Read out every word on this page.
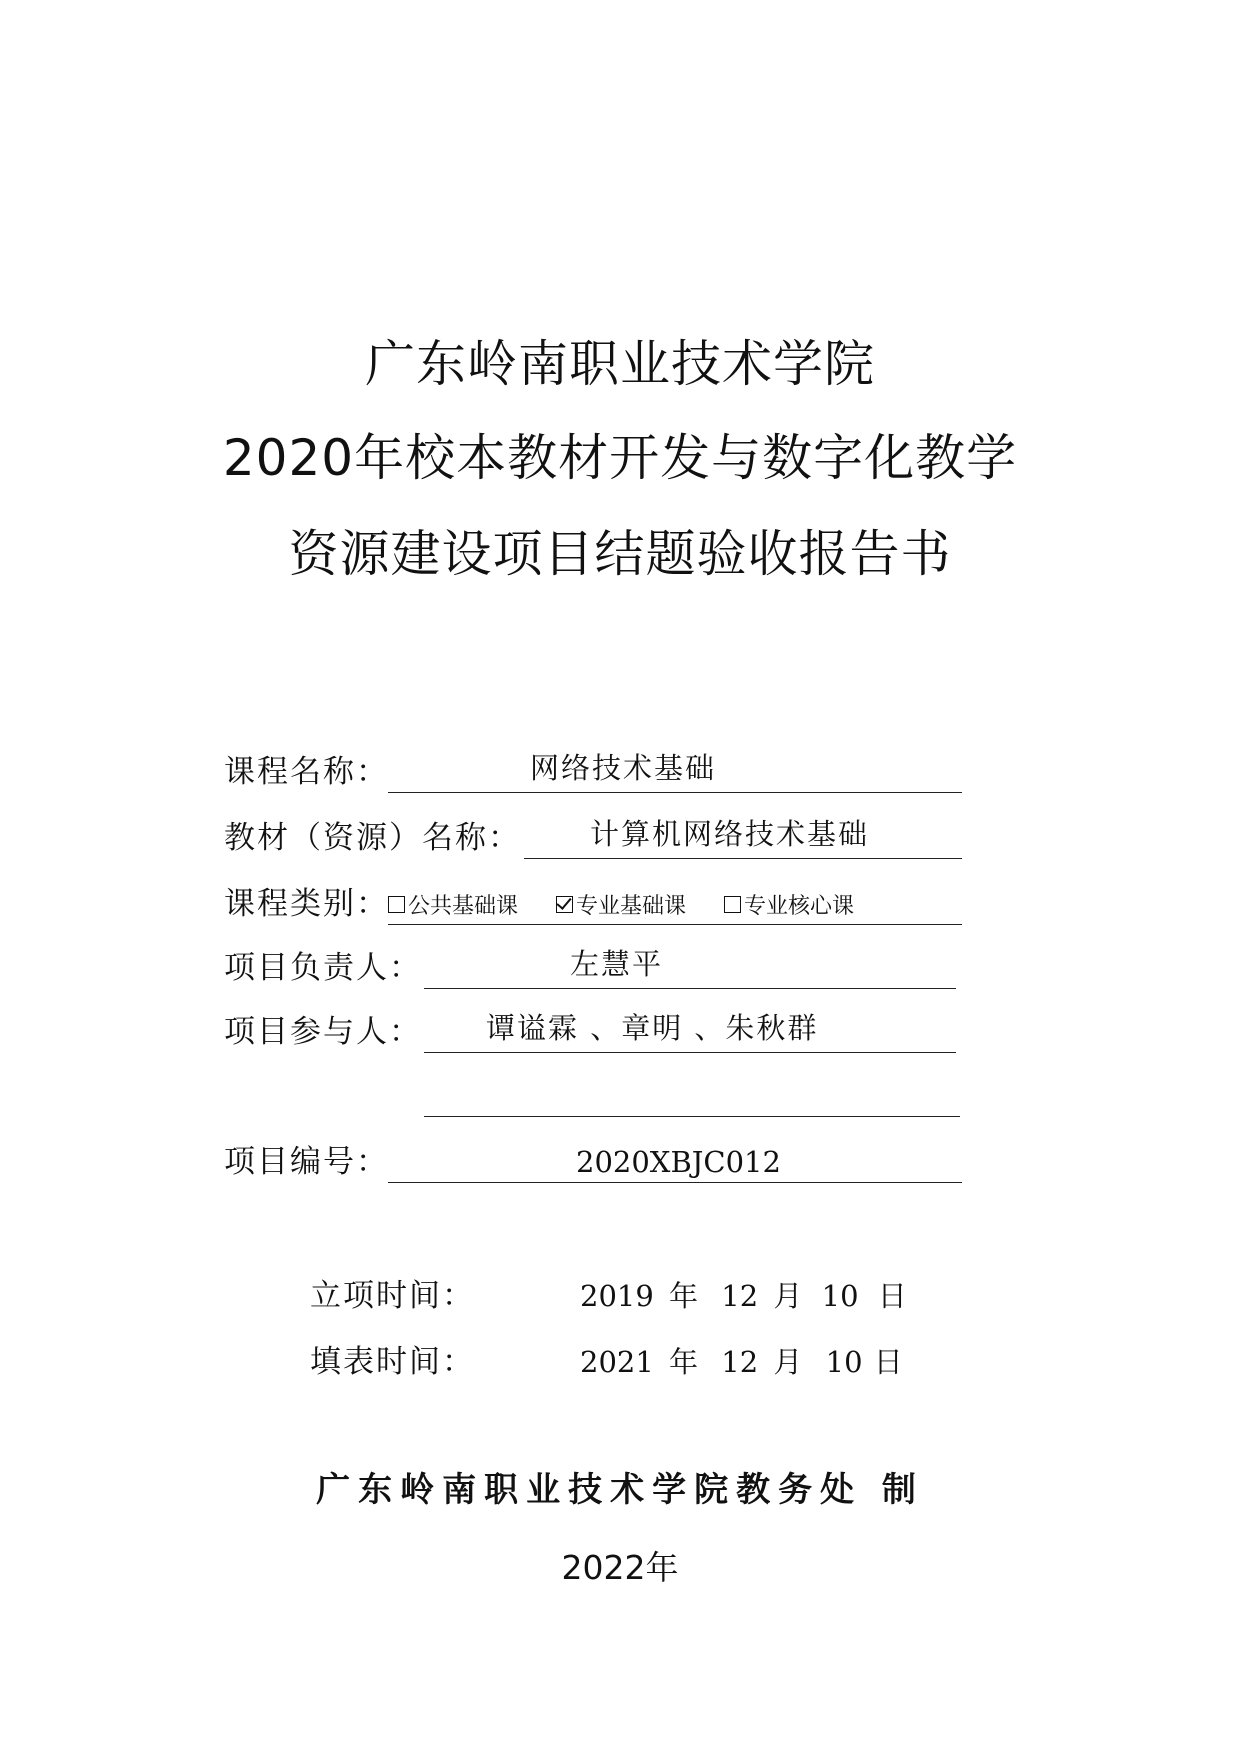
广东岭南职业技术学院
2020年校本教材开发与数字化教学
资源建设项目结题验收报告书
课程名称：	网络技术基础
教材（资源）名称： 计算机网络技术基础
课程类别： 公共基础课	专业基础课	专业核心课
项目负责人：	左慧平
项目参与人： 谭谥霖 、章明 、朱秋群
项目编号：	2020XBJC012
立项时间：	2019 年 12 月 10 日
填表时间：	2021 年 12 月 10 日
广东岭南职业技术学院教务处 制
2022年
